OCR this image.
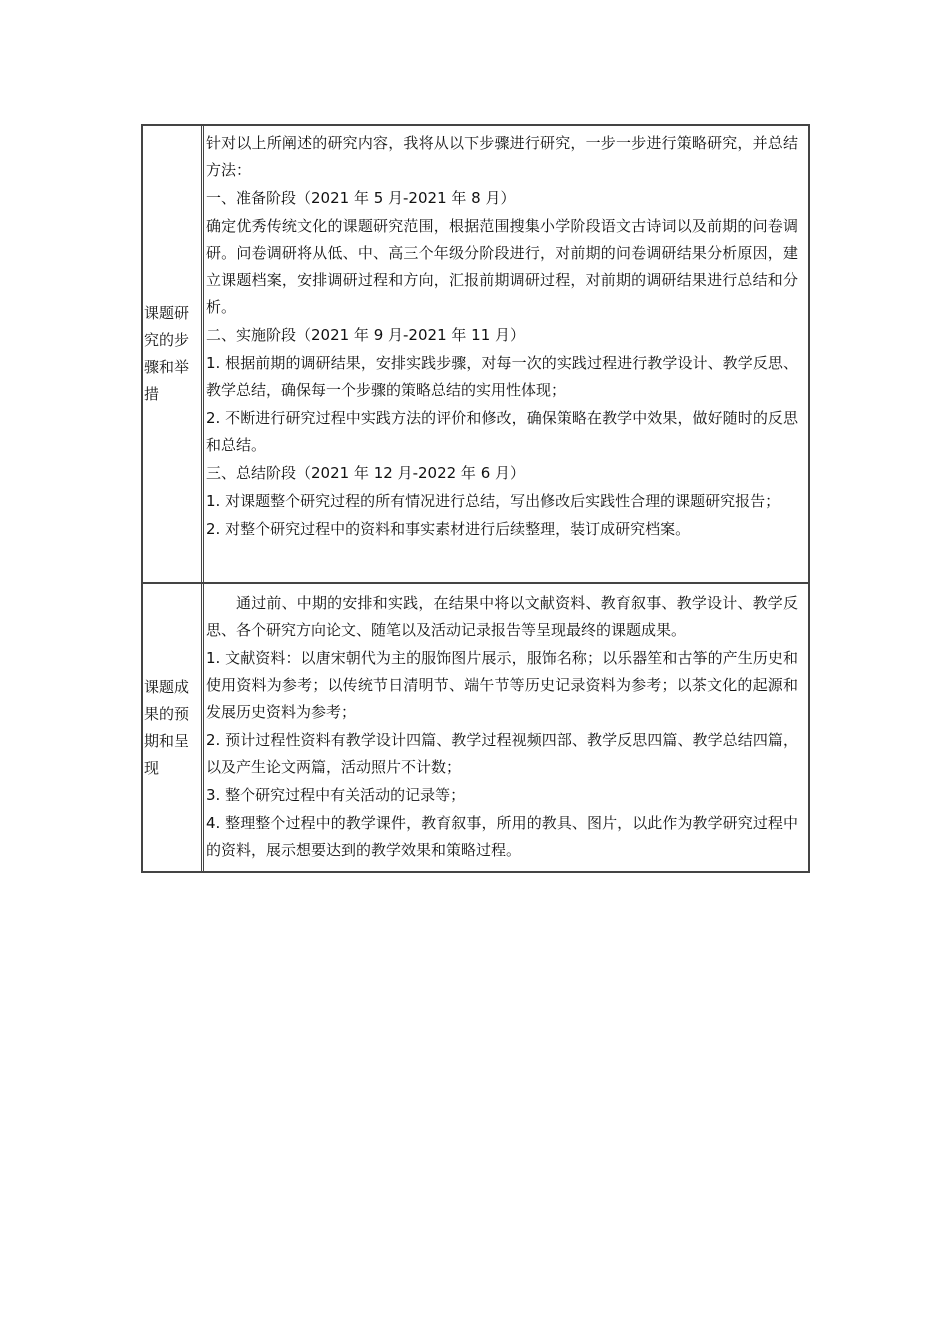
课题研究的步骤和举措

针对以上所阐述的研究内容，我将从以下步骤进行研究，一步一步进行策略研究，并总结方法：

一、准备阶段（2021 年 5 月-2021 年 8 月）

确定优秀传统文化的课题研究范围，根据范围搜集小学阶段语文古诗词以及前期的问卷调研。问卷调研将从低、中、高三个年级分阶段进行，对前期的问卷调研结果分析原因，建立课题档案，安排调研过程和方向，汇报前期调研过程，对前期的调研结果进行总结和分析。

二、实施阶段（2021 年 9 月-2021 年 11 月）

1. 根据前期的调研结果，安排实践步骤，对每一次的实践过程进行教学设计、教学反思、教学总结，确保每一个步骤的策略总结的实用性体现；

2. 不断进行研究过程中实践方法的评价和修改，确保策略在教学中效果，做好随时的反思和总结。

三、总结阶段（2021 年 12 月-2022 年 6 月）

1. 对课题整个研究过程的所有情况进行总结，写出修改后实践性合理的课题研究报告；

2. 对整个研究过程中的资料和事实素材进行后续整理，装订成研究档案。

课题成果的预期和呈现

通过前、中期的安排和实践，在结果中将以文献资料、教育叙事、教学设计、教学反思、各个研究方向论文、随笔以及活动记录报告等呈现最终的课题成果。

1. 文献资料：以唐宋朝代为主的服饰图片展示，服饰名称；以乐器笙和古筝的产生历史和使用资料为参考；以传统节日清明节、端午节等历史记录资料为参考；以茶文化的起源和发展历史资料为参考；

2. 预计过程性资料有教学设计四篇、教学过程视频四部、教学反思四篇、教学总结四篇，以及产生论文两篇，活动照片不计数；

3. 整个研究过程中有关活动的记录等；

4. 整理整个过程中的教学课件，教育叙事，所用的教具、图片，以此作为教学研究过程中的资料，展示想要达到的教学效果和策略过程。
